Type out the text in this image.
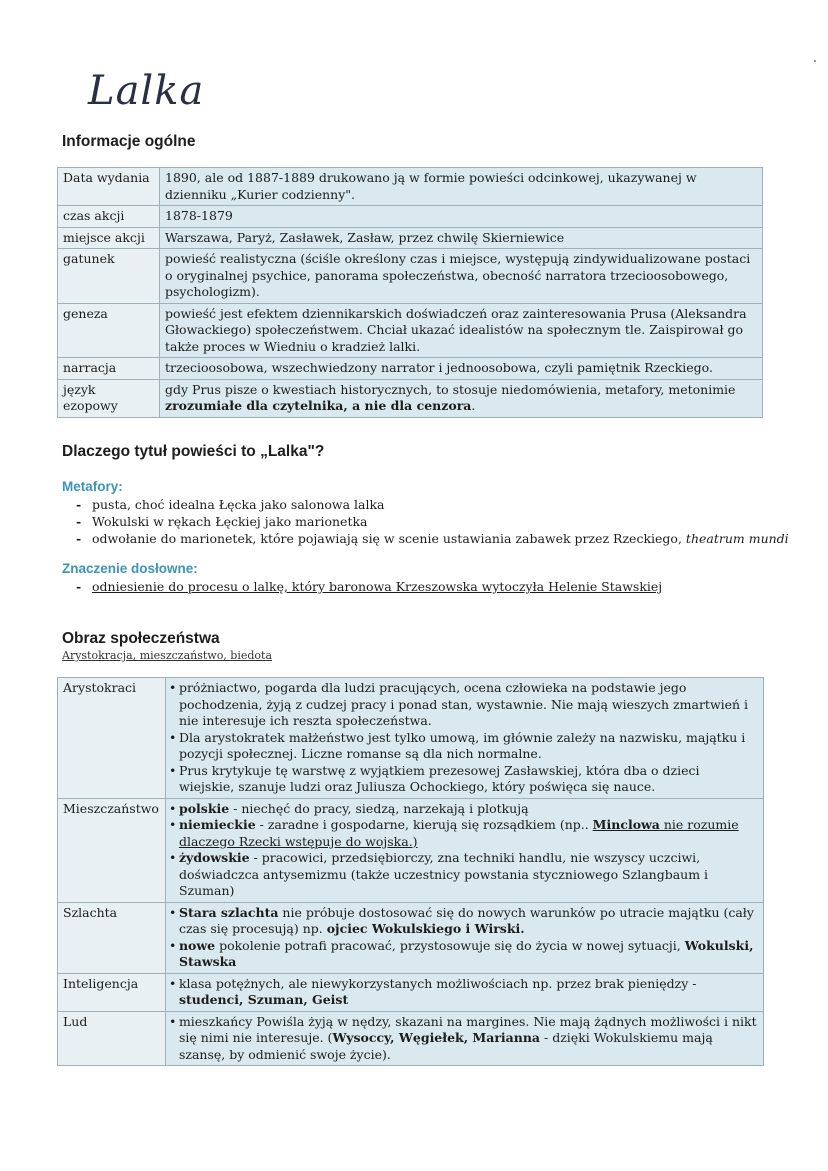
Lalka
Informacje ogólne
Data wydania	1890, ale od 1887-1889 drukowano ją w formie powieści odcinkowej, ukazywanej w dzienniku „Kurier codzienny".
czas akcji	1878-1879
miejsce akcji	Warszawa, Paryż, Zasławek, Zasław, przez chwilę Skierniewice
gatunek	powieść realistyczna (ściśle określony czas i miejsce, występują zindywidualizowane postaci o oryginalnej psychice, panorama społeczeństwa, obecność narratora trzecioosobowego, psychologizm).
geneza	powieść jest efektem dziennikarskich doświadczeń oraz zainteresowania Prusa (Aleksandra Głowackiego) społeczeństwem. Chciał ukazać idealistów na społecznym tle. Zaispirował go także proces w Wiedniu o kradzież lalki.
narracja	trzecioosobowa, wszechwiedzony narrator i jednoosobowa, czyli pamiętnik Rzeckiego.
język ezopowy	gdy Prus pisze o kwestiach historycznych, to stosuje niedomówienia, metafory, metonimie zrozumiałe dla czytelnika, a nie dla cenzora.
Dlaczego tytuł powieści to „Lalka"?
Metafory:
- pusta, choć idealna Łęcka jako salonowa lalka
- Wokulski w rękach Łęckiej jako marionetka
- odwołanie do marionetek, które pojawiają się w scenie ustawiania zabawek przez Rzeckiego, theatrum mundi
Znaczenie dosłowne:
- odniesienie do procesu o lalkę, który baronowa Krzeszowska wytoczyła Helenie Stawskiej
Obraz społeczeństwa
Arystokracja, mieszczaństwo, biedota
Arystokraci	• próżniactwo, pogarda dla ludzi pracujących, ocena człowieka na podstawie jego pochodzenia, żyją z cudzej pracy i ponad stan, wystawnie. Nie mają wieszych zmartwień i nie interesuje ich reszta społeczeństwa.
• Dla arystokratek małżeństwo jest tylko umową, im głównie zależy na nazwisku, majątku i pozycji społecznej. Liczne romanse są dla nich normalne.
• Prus krytykuje tę warstwę z wyjątkiem prezesowej Zasławskiej, która dba o dzieci wiejskie, szanuje ludzi oraz Juliusza Ochockiego, który poświęca się nauce.

Mieszczaństwo	• polskie - niechęć do pracy, siedzą, narzekają i plotkują
• niemieckie - zaradne i gospodarne, kierują się rozsądkiem (np.. Minclowa nie rozumie dlaczego Rzecki wstępuje do wojska.)
• żydowskie - pracowici, przedsiębiorczy, zna techniki handlu, nie wszyscy uczciwi, doświadczca antysemizmu (także uczestnicy powstania styczniowego Szlangbaum i Szuman)

Szlachta	• Stara szlachta nie próbuje dostosować się do nowych warunków po utracie majątku (cały czas się procesują) np. ojciec Wokulskiego i Wirski.
• nowe pokolenie potrafi pracować, przystosowuje się do życia w nowej sytuacji, Wokulski, Stawska

Inteligencja	• klasa potężnych, ale niewykorzystanych możliwościach np. przez brak pieniędzy - studenci, Szuman, Geist

Lud	• mieszkańcy Powiśla żyją w nędzy, skazani na margines. Nie mają żądnych możliwości i nikt się nimi nie interesuje. (Wysoccy, Węgiełek, Marianna - dzięki Wokulskiemu mają szansę, by odmienić swoje życie).
